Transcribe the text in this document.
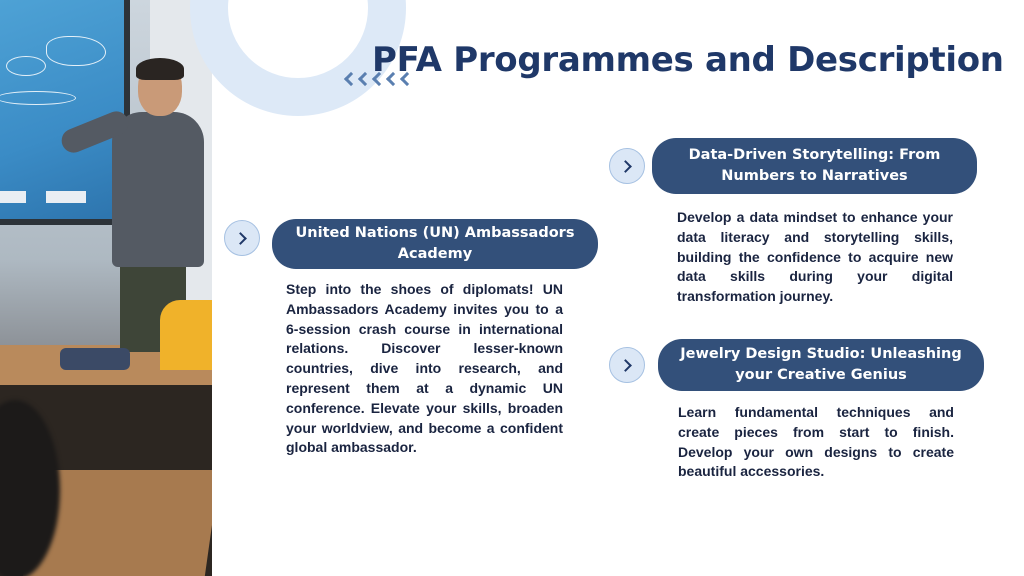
PFA Programmes and Description
United Nations (UN) Ambassadors Academy

Step into the shoes of diplomats! UN Ambassadors Academy invites you to a 6-session crash course in international relations. Discover lesser-known countries, dive into research, and represent them at a dynamic UN conference. Elevate your skills, broaden your worldview, and become a confident global ambassador.

Data-Driven Storytelling: From Numbers to Narratives

Develop a data mindset to enhance your data literacy and storytelling skills, building the confidence to acquire new data skills during your digital transformation journey.

Jewelry Design Studio: Unleashing your Creative Genius

Learn fundamental techniques and create pieces from start to finish. Develop your own designs to create beautiful accessories.
